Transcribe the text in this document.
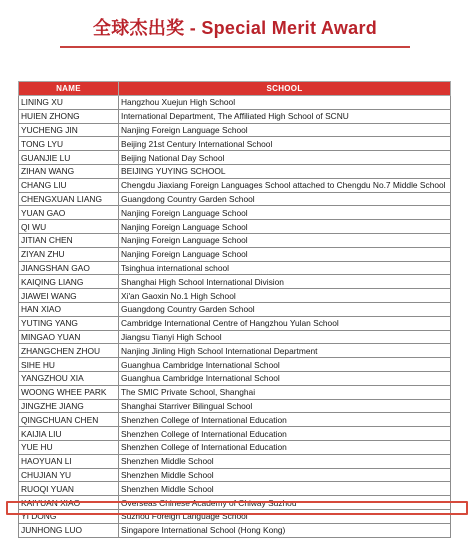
全球杰出奖 - Special Merit Award
NAME	SCHOOL
LINING XU	Hangzhou Xuejun High School
HUIEN ZHONG	International Department, The Affiliated High School of SCNU
YUCHENG JIN	Nanjing Foreign Language School
TONG LYU	Beijing 21st Century International School
GUANJIE LU	Beijing National Day School
ZIHAN WANG	BEIJING YUYING SCHOOL
CHANG LIU	Chengdu Jiaxiang Foreign Languages School attached to Chengdu No.7 Middle School
CHENGXUAN LIANG	Guangdong Country Garden School
YUAN GAO	Nanjing Foreign Language School
QI WU	Nanjing Foreign Language School
JITIAN CHEN	Nanjing Foreign Language School
ZIYAN ZHU	Nanjing Foreign Language School
JIANGSHAN GAO	Tsinghua international school
KAIQING LIANG	Shanghai High School International Division
JIAWEI WANG	Xi'an Gaoxin No.1 High School
HAN XIAO	Guangdong Country Garden School
YUTING YANG	Cambridge International Centre of Hangzhou Yulan School
MINGAO YUAN	Jiangsu Tianyi High School
ZHANGCHEN ZHOU	Nanjing Jinling High School International Department
SIHE HU	Guanghua Cambridge International School
YANGZHOU XIA	Guanghua Cambridge International School
WOONG WHEE PARK	The SMIC Private School, Shanghai
JINGZHE JIANG	Shanghai Starriver Bilingual School
QINGCHUAN CHEN	Shenzhen College of International Education
KAIJIA LIU	Shenzhen College of International Education
YUE HU	Shenzhen College of International Education
HAOYUAN LI	Shenzhen Middle School
CHUJIAN YU	Shenzhen Middle School
RUOQI YUAN	Shenzhen Middle School
KAIYUAN XIAO	Overseas Chinese Academy of Chiway Suzhou
YI DONG	Suzhou Foreign Language School
JUNHONG LUO	Singapore International School (Hong Kong)
